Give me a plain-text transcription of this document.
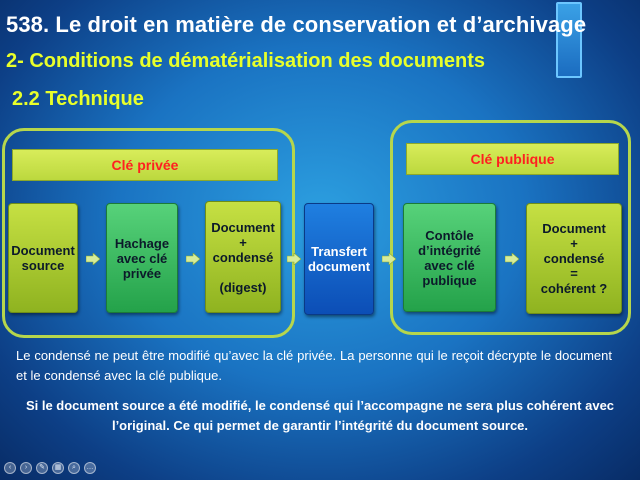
538. Le droit en matière de conservation et d’archivage
2- Conditions de dématérialisation des documents
2.2 Technique
Clé privée	Clé publique
Document
source
Hachage
avec clé
privée
Document
+
condensé

(digest)
Transfert
document
Contôle
d’intégrité
avec clé
publique
Document
+
condensé
=
cohérent ?
Le condensé ne peut être modifié qu’avec la clé privée. La personne qui le reçoit décrypte le document et le condensé avec la clé publique.
Si le document source a été modifié, le condensé qui l’accompagne ne sera plus cohérent avec l’original. Ce qui permet de garantir l’intégrité du document source.
‹	›	✎	▦	⌕	…
